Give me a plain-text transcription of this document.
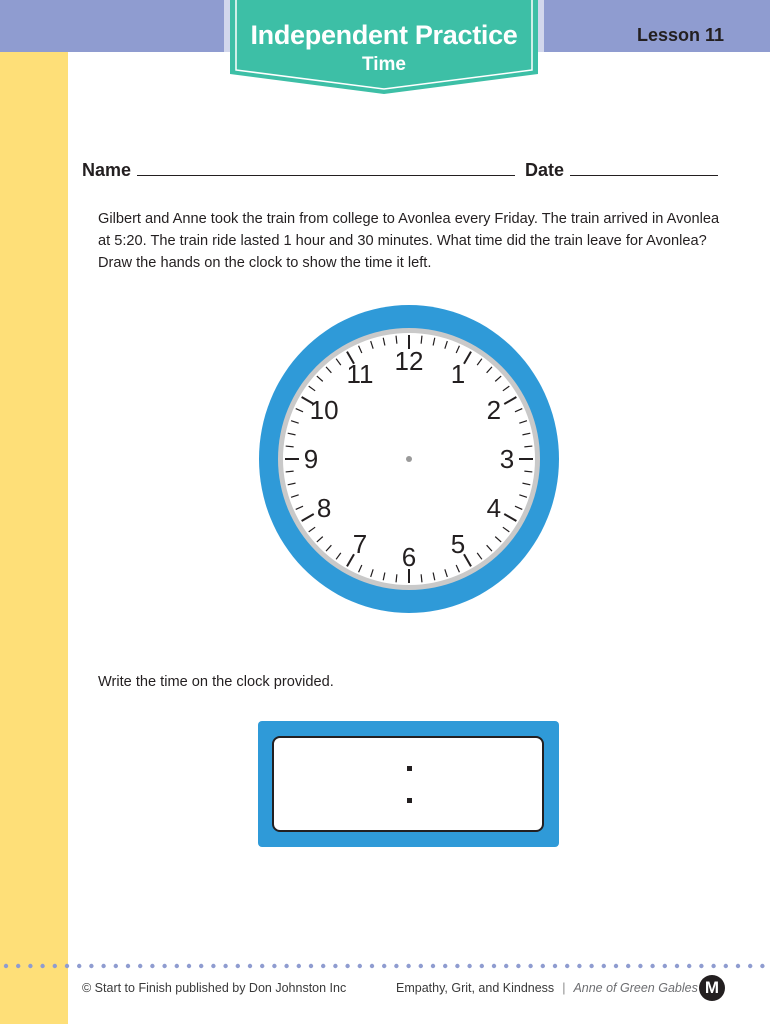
Independent Practice
Time
Lesson 11
Name	Date
Gilbert and Anne took the train from college to Avonlea every Friday. The train arrived in Avonlea at 5:20. The train ride lasted 1 hour and 30 minutes. What time did the train leave for Avonlea? Draw the hands on the clock to show the time it left.
12 1
2
3
4
5
6
7
8
9
10
11
Write the time on the clock provided.
© Start to Finish published by Don Johnston Inc	Empathy, Grit, and Kindness | Anne of Green Gables M
